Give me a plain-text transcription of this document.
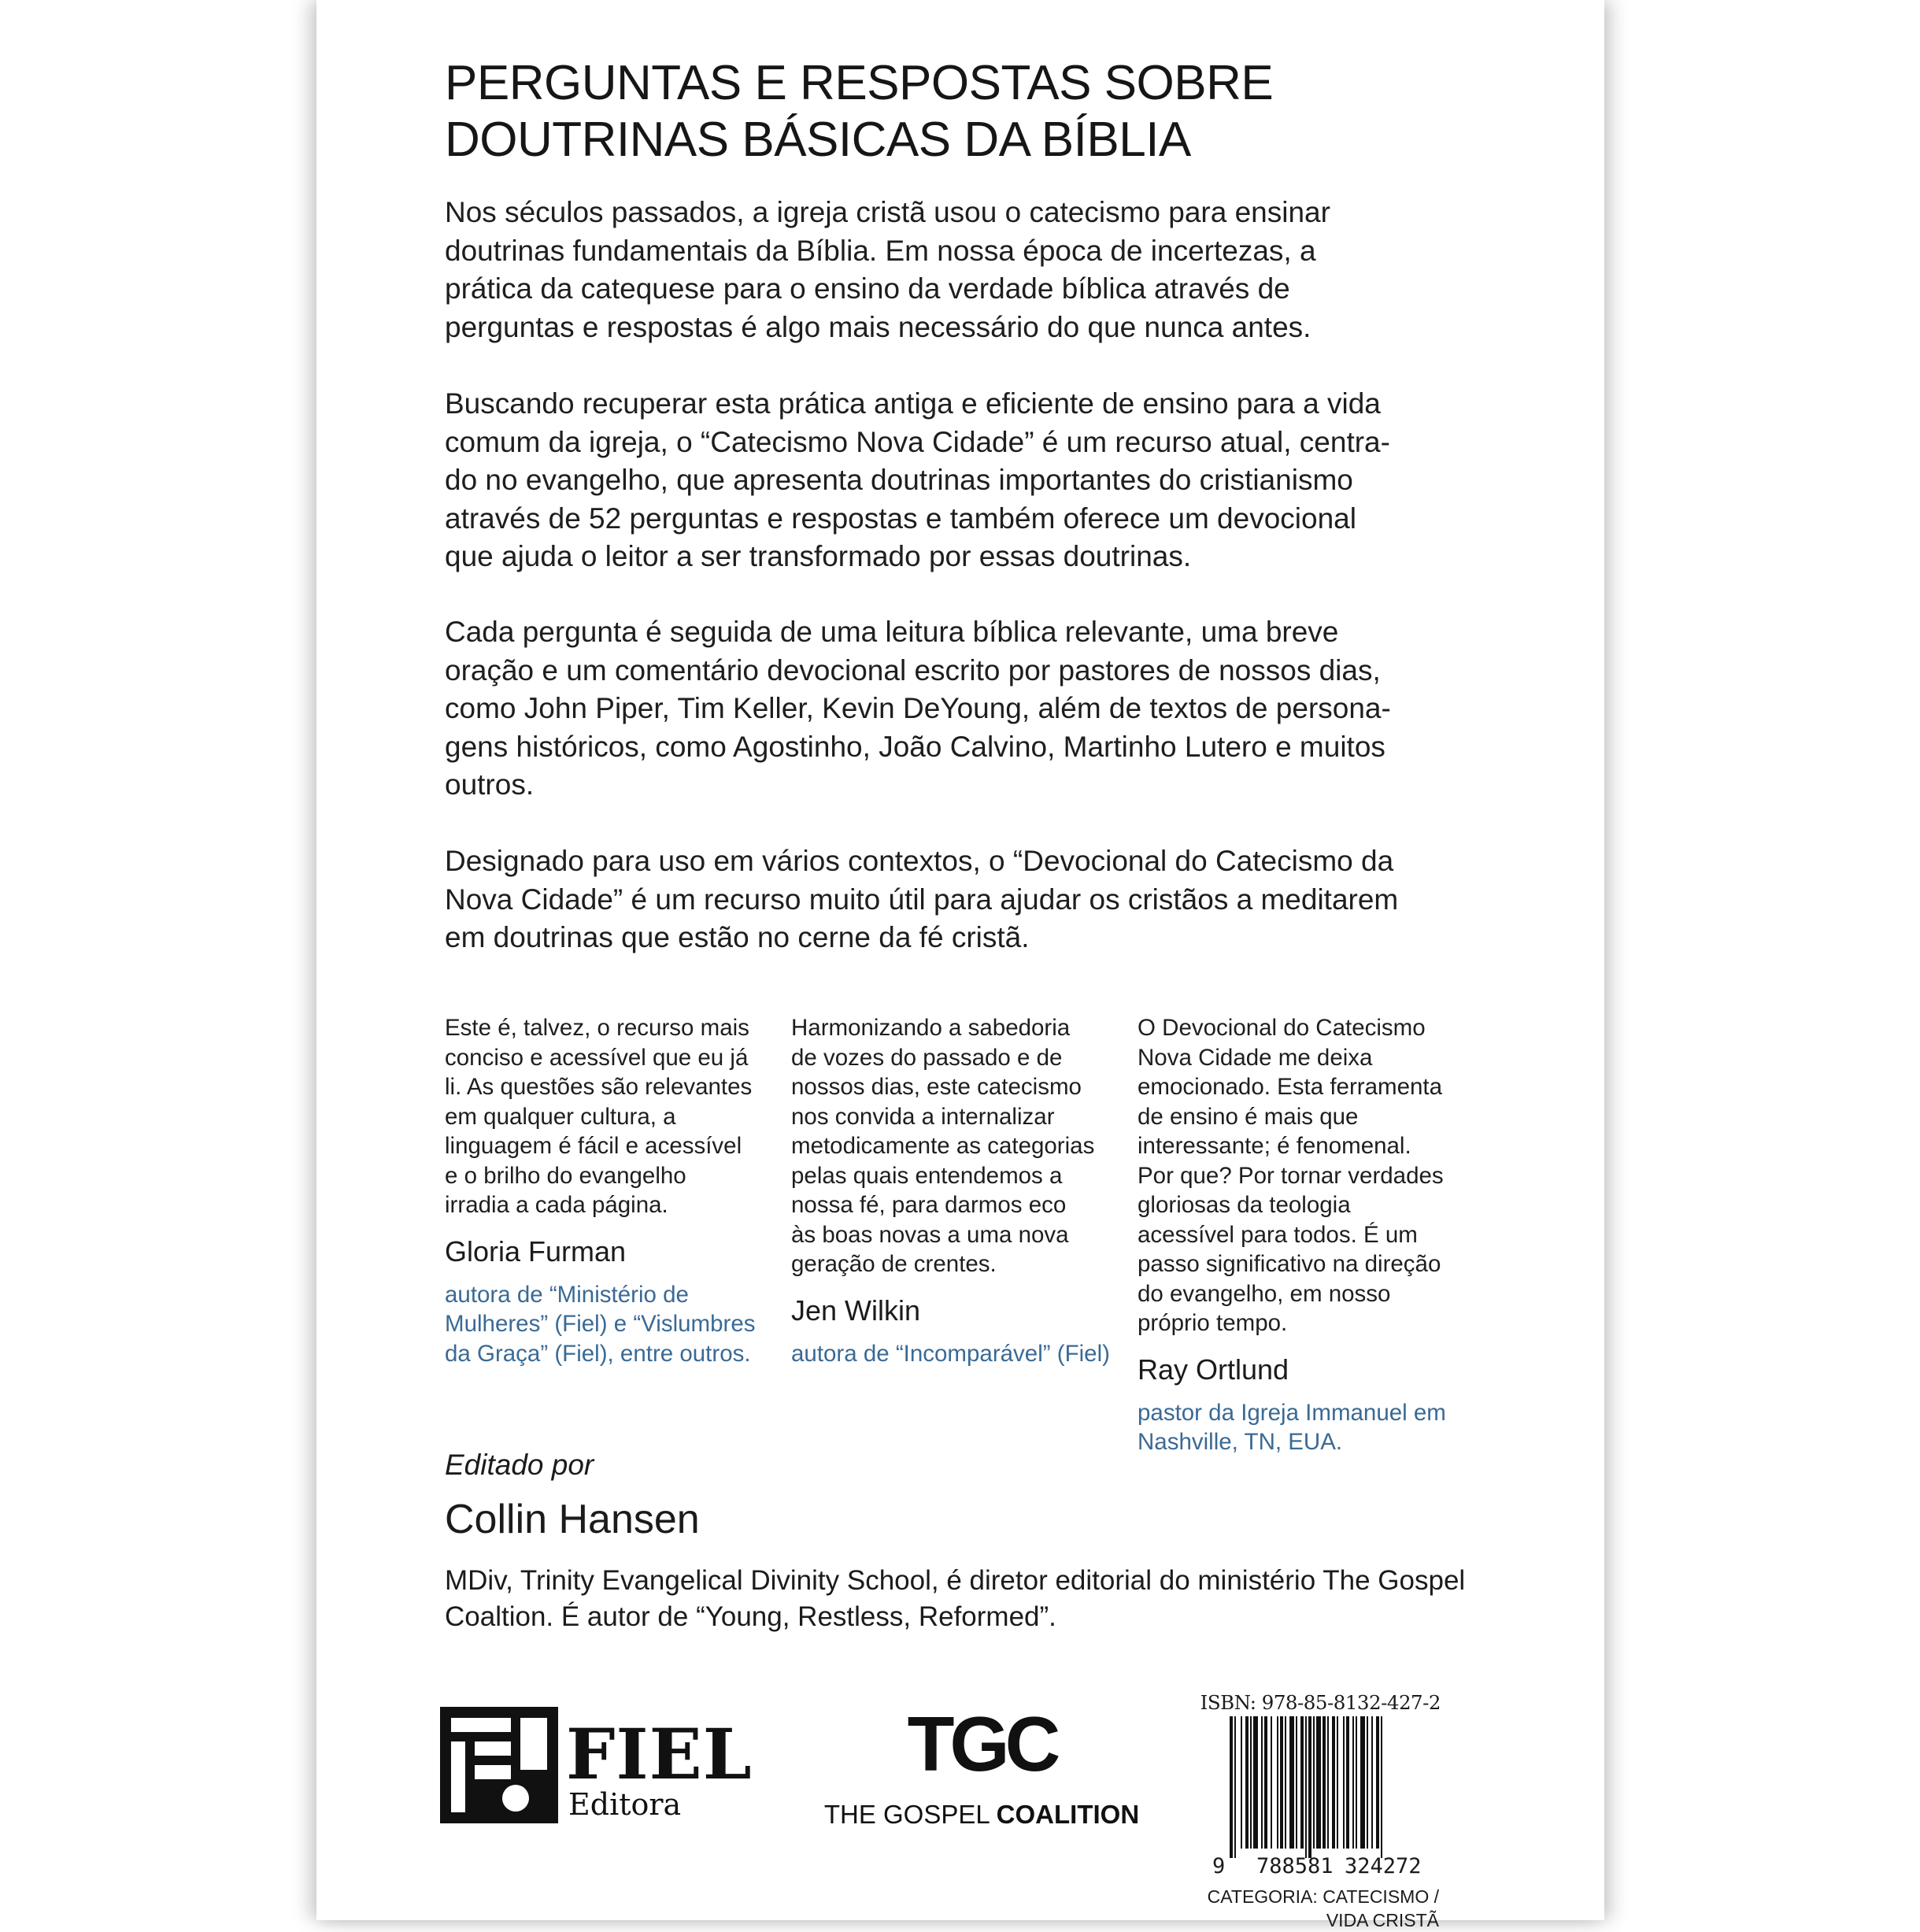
PERGUNTAS E RESPOSTAS SOBRE
DOUTRINAS BÁSICAS DA BÍBLIA

Nos séculos passados, a igreja cristã usou o catecismo para ensinar
doutrinas fundamentais da Bíblia. Em nossa época de incertezas, a
prática da catequese para o ensino da verdade bíblica através de
perguntas e respostas é algo mais necessário do que nunca antes.

Buscando recuperar esta prática antiga e eficiente de ensino para a vida
comum da igreja, o “Catecismo Nova Cidade” é um recurso atual, centra-
do no evangelho, que apresenta doutrinas importantes do cristianismo
através de 52 perguntas e respostas e também oferece um devocional
que ajuda o leitor a ser transformado por essas doutrinas.

Cada pergunta é seguida de uma leitura bíblica relevante, uma breve
oração e um comentário devocional escrito por pastores de nossos dias,
como John Piper, Tim Keller, Kevin DeYoung, além de textos de persona-
gens históricos, como Agostinho, João Calvino, Martinho Lutero e muitos
outros.

Designado para uso em vários contextos, o “Devocional do Catecismo da
Nova Cidade” é um recurso muito útil para ajudar os cristãos a meditarem
em doutrinas que estão no cerne da fé cristã.

Este é, talvez, o recurso mais
conciso e acessível que eu já
li. As questões são relevantes
em qualquer cultura, a
linguagem é fácil e acessível
e o brilho do evangelho
irradia a cada página.
Gloria Furman
autora de “Ministério de
Mulheres” (Fiel) e “Vislumbres
da Graça” (Fiel), entre outros.
Harmonizando a sabedoria
de vozes do passado e de
nossos dias, este catecismo
nos convida a internalizar
metodicamente as categorias
pelas quais entendemos a
nossa fé, para darmos eco
às boas novas a uma nova
geração de crentes.
Jen Wilkin
autora de “Incomparável” (Fiel)
O Devocional do Catecismo
Nova Cidade me deixa
emocionado. Esta ferramenta
de ensino é mais que
interessante; é fenomenal.
Por que? Por tornar verdades
gloriosas da teologia
acessível para todos. É um
passo significativo na direção
do evangelho, em nosso
próprio tempo.
Ray Ortlund
pastor da Igreja Immanuel em
Nashville, TN, EUA.
Editado por
Collin Hansen
MDiv, Trinity Evangelical Divinity School, é diretor editorial do ministério The Gospel
Coaltion. É autor de “Young, Restless, Reformed”.
FIEL
Editora
TGC
THE GOSPEL COALITION
ISBN: 978-85-8132-427-2
9 788581 324272
CATEGORIA: CATECISMO /
VIDA CRISTÃ
